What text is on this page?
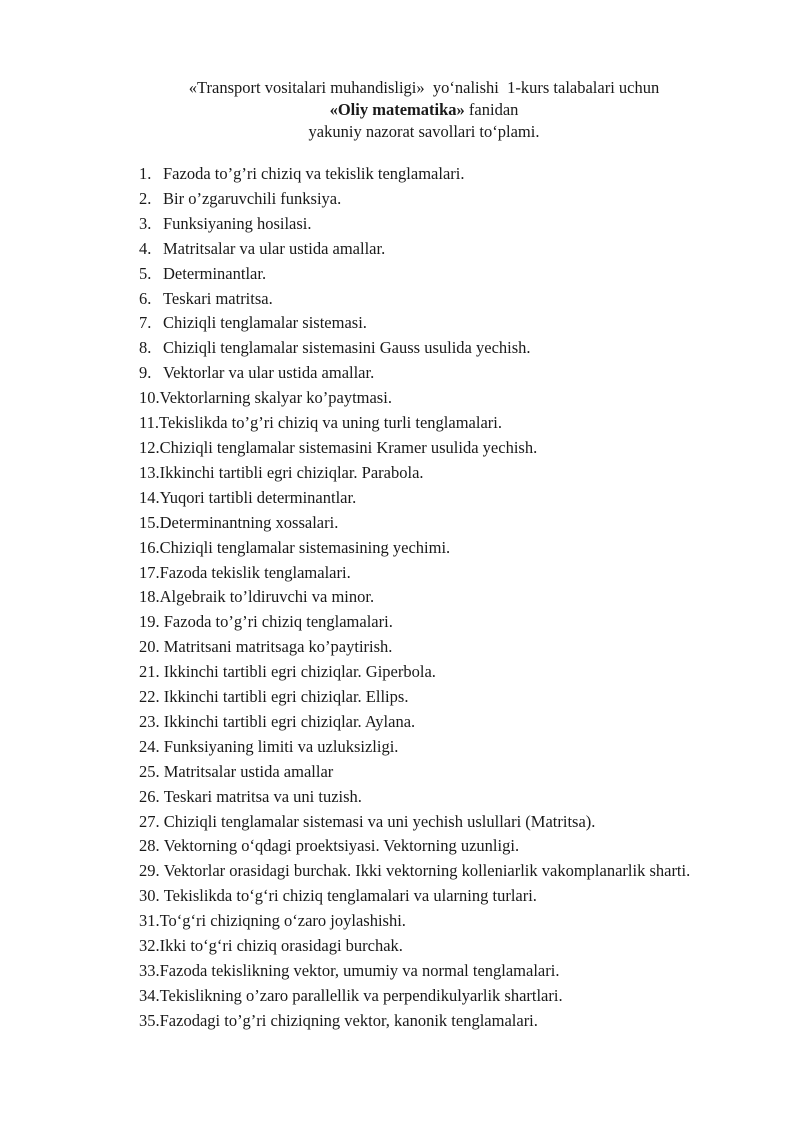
«Transport vositalari muhandisligi»  yo‘nalishi  1-kurs talabalari uchun
«Oliy matematika» fanidan
yakuniy nazorat savollari to‘plami.
1. Fazoda to’g’ri chiziq va tekislik tenglamalari.
2. Bir o’zgaruvchili funksiya.
3. Funksiyaning hosilasi.
4. Matritsalar va ular ustida amallar.
5. Determinantlar.
6. Teskari matritsa.
7. Chiziqli tenglamalar sistemasi.
8. Chiziqli tenglamalar sistemasini Gauss usulida yechish.
9. Vektorlar va ular ustida amallar.
10. Vektorlarning skalyar ko’paytmasi.
11. Tekislikda to’g’ri chiziq va uning turli tenglamalari.
12. Chiziqli tenglamalar sistemasini Kramer usulida yechish.
13. Ikkinchi tartibli egri chiziqlar. Parabola.
14. Yuqori tartibli determinantlar.
15. Determinantning xossalari.
16. Chiziqli tenglamalar sistemasining yechimi.
17. Fazoda tekislik tenglamalari.
18. Algebraik to’ldiruvchi va minor.
19. Fazoda to’g’ri chiziq tenglamalari.
20. Matritsani matritsaga ko’paytirish.
21. Ikkinchi tartibli egri chiziqlar. Giperbola.
22. Ikkinchi tartibli egri chiziqlar. Ellips.
23. Ikkinchi tartibli egri chiziqlar. Aylana.
24. Funksiyaning limiti va uzluksizligi.
25. Matritsalar ustida amallar
26. Teskari matritsa va uni tuzish.
27. Chiziqli tenglamalar sistemasi va uni yechish uslullari (Matritsa).
28. Vektorning o‘qdagi proektsiyasi. Vektorning uzunligi.
29. Vektorlar orasidagi burchak. Ikki vektorning kolleniarlik vakomplanarlik sharti.
30. Tekislikda to‘g‘ri chiziq tenglamalari va ularning turlari.
31. To‘g‘ri chiziqning o‘zaro joylashishi.
32. Ikki to‘g‘ri chiziq orasidagi burchak.
33. Fazoda tekislikning vektor, umumiy va normal tenglamalari.
34. Tekislikning o’zaro parallellik va perpendikulyarlik shartlari.
35. Fazodagi to’g’ri chiziqning vektor, kanonik tenglamalari.
